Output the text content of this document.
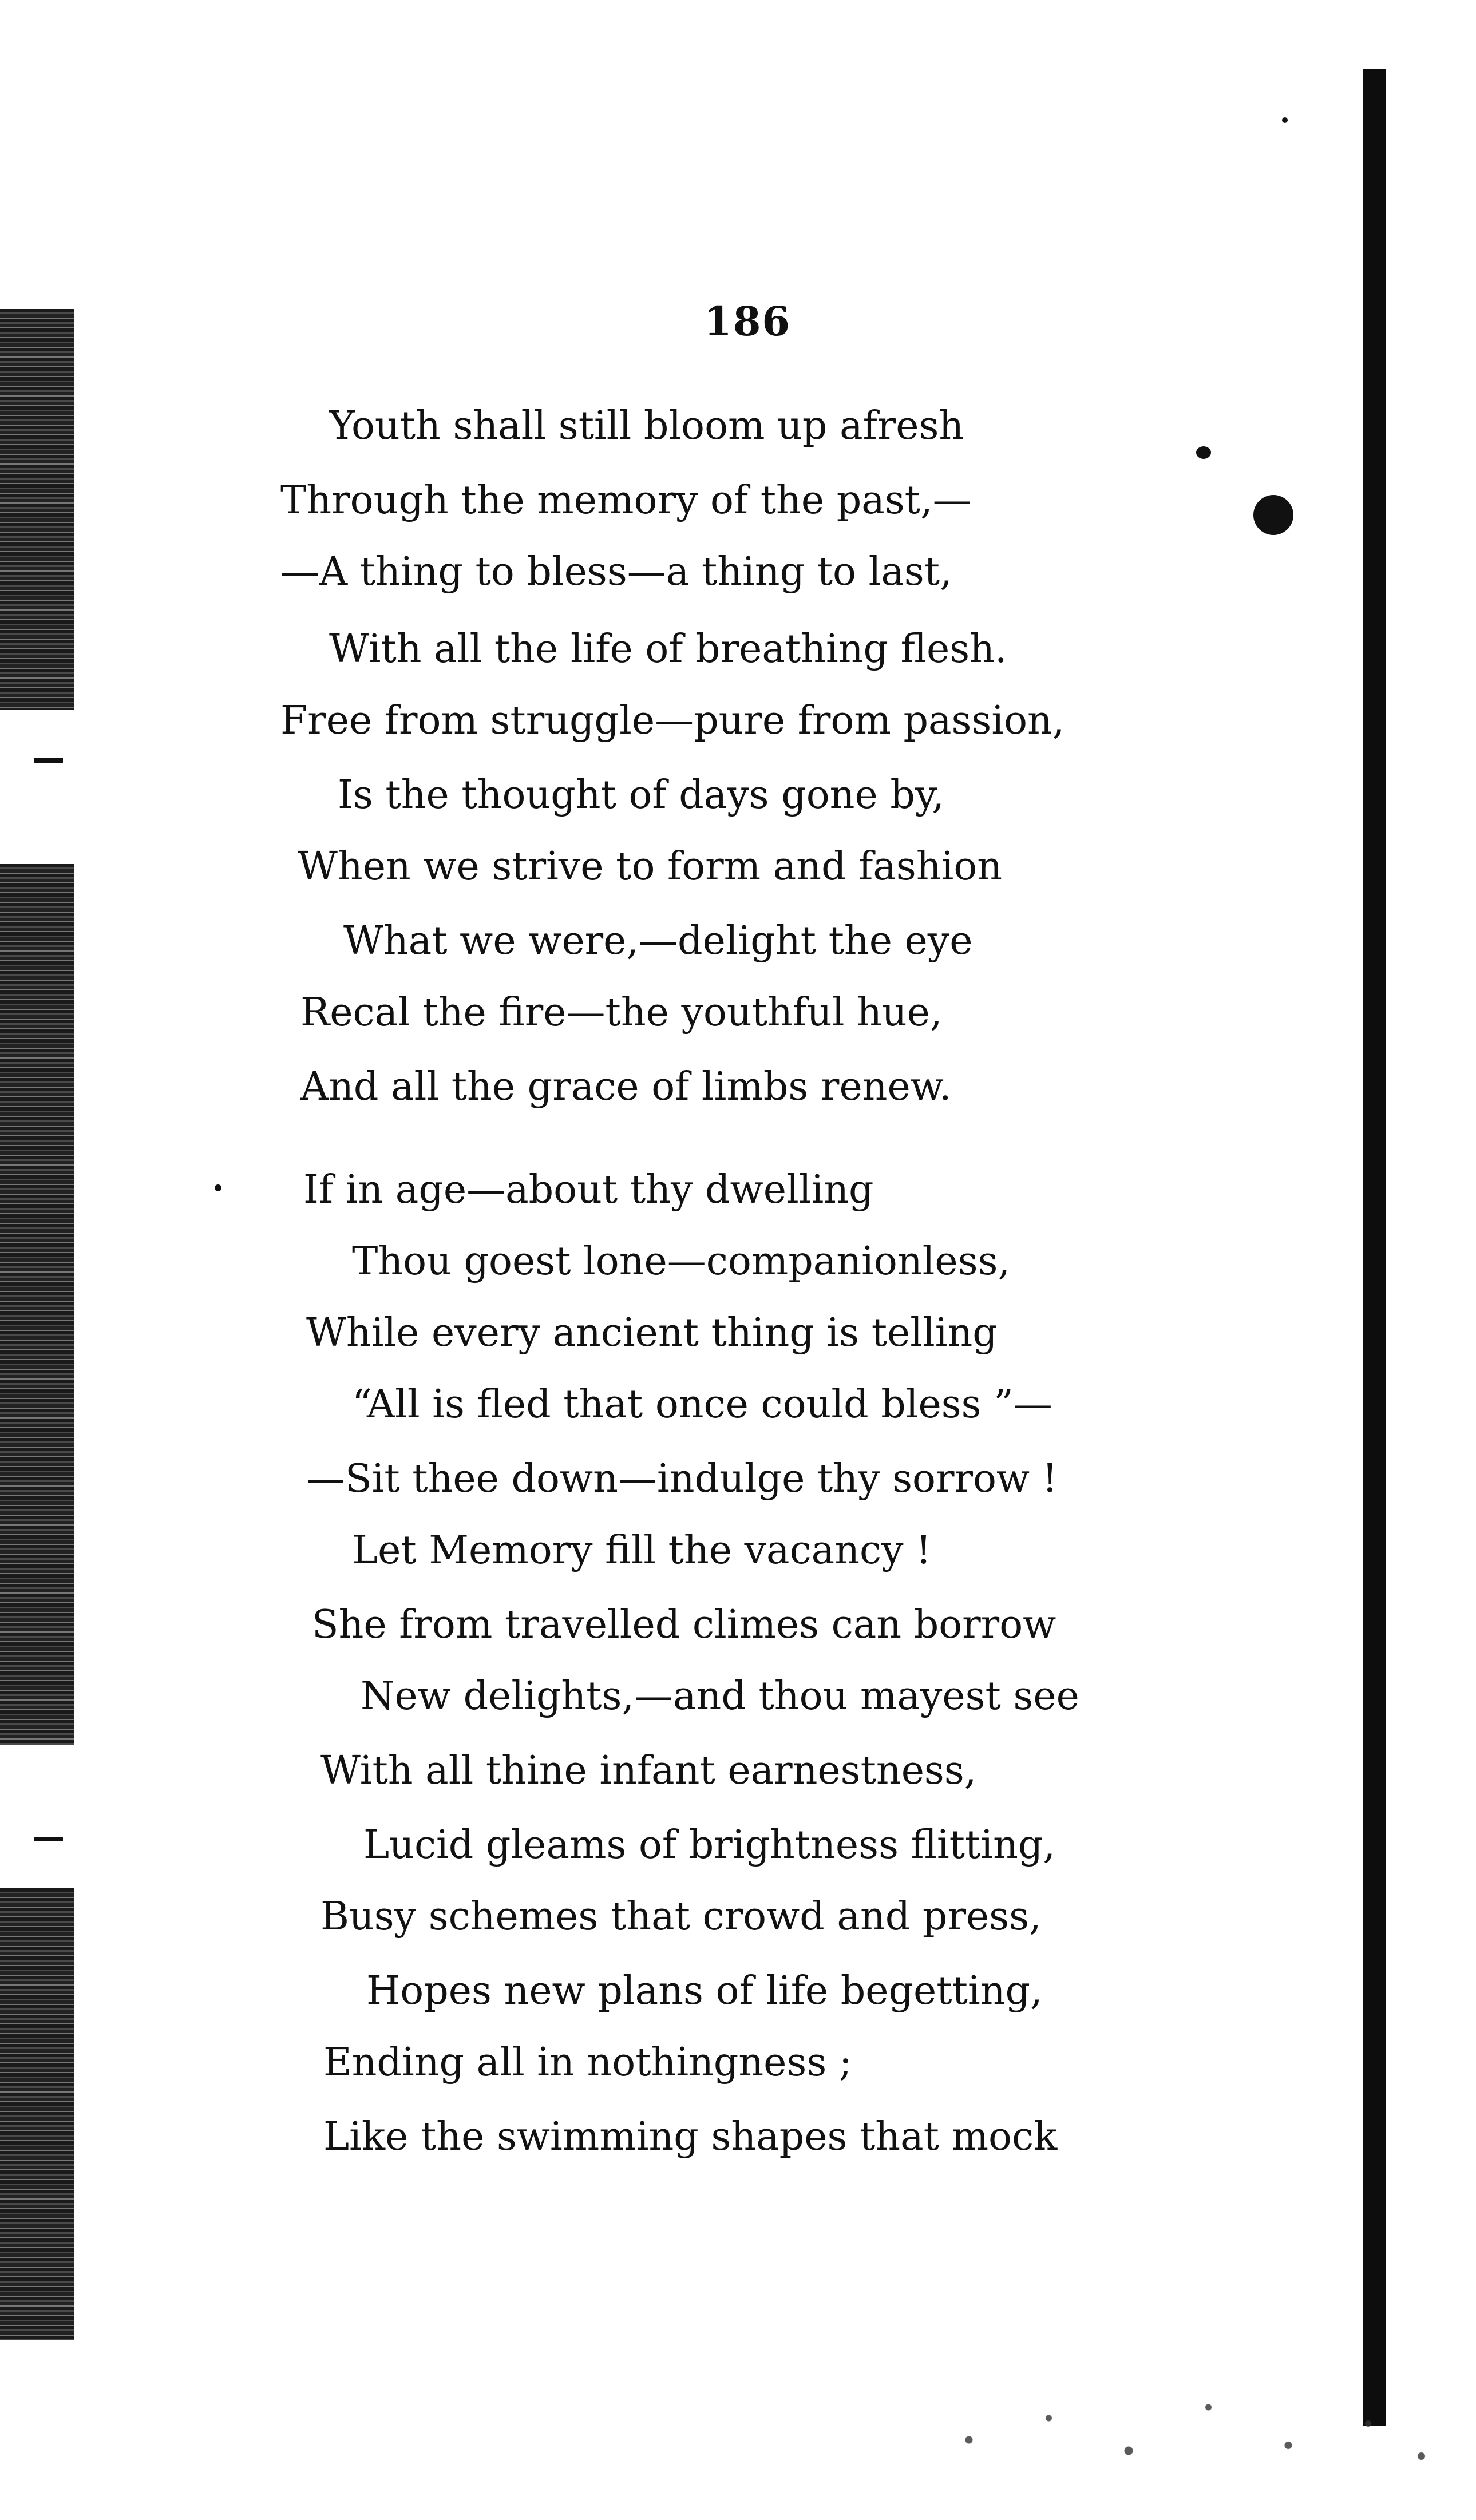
186
Youth shall still bloom up afresh
Through the memory of the past,—
—A thing to bless—a thing to last,
With all the life of breathing flesh.
Free from struggle—pure from passion,
Is the thought of days gone by,
When we strive to form and fashion
What we were,—delight the eye
Recal the fire—the youthful hue,
And all the grace of limbs renew.
If in age—about thy dwelling
Thou goest lone—companionless,
While every ancient thing is telling
“All is fled that once could bless ”—
—Sit thee down—indulge thy sorrow !
Let Memory fill the vacancy !
She from travelled climes can borrow
New delights,—and thou mayest see
With all thine infant earnestness,
Lucid gleams of brightness flitting,
Busy schemes that crowd and press,
Hopes new plans of life begetting,
Ending all in nothingness ;
Like the swimming shapes that mock
